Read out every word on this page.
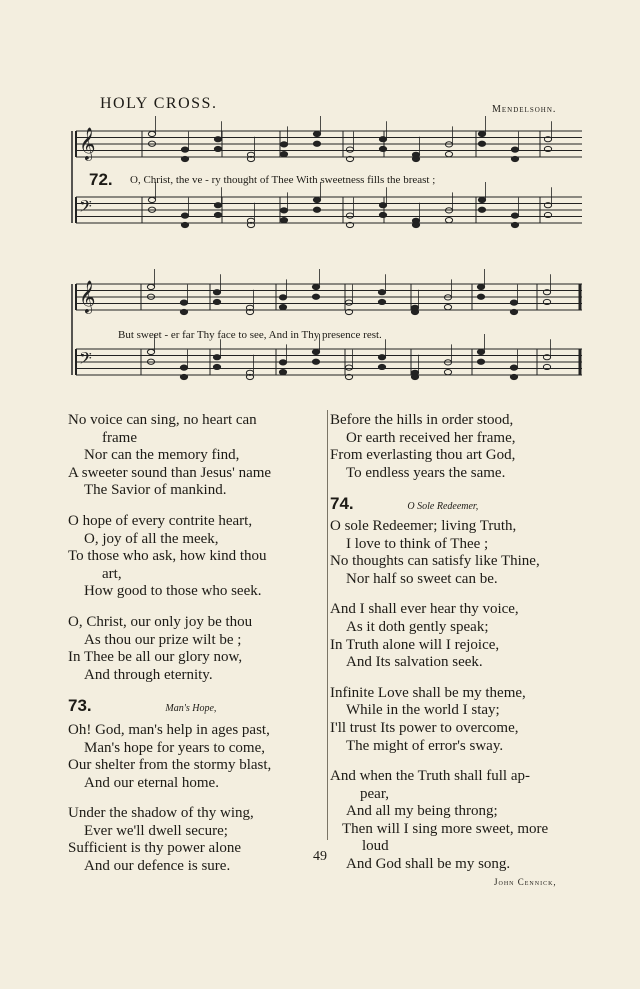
HOLY CROSS.	Mendelsohn.
𝄞
𝄢
𝄞
𝄢
72. O, Christ, the ve - ry thought of Thee With sweetness fills the breast ;
But sweet - er far Thy face to see, And in Thy presence rest.
No voice can sing, no heart can
frame
Nor can the memory find,
A sweeter sound than Jesus' name
The Savior of mankind.
O hope of every contrite heart,
O, joy of all the meek,
To those who ask, how kind thou
art,
How good to those who seek.
O, Christ, our only joy be thou
As thou our prize wilt be ;
In Thee be all our glory now,
And through eternity.
73.	Man's Hope,
Oh! God, man's help in ages past,
Man's hope for years to come,
Our shelter from the stormy blast,
And our eternal home.
Under the shadow of thy wing,
Ever we'll dwell secure;
Sufficient is thy power alone
And our defence is sure.
Before the hills in order stood,
Or earth received her frame,
From everlasting thou art God,
To endless years the same.
74.	O Sole Redeemer,
O sole Redeemer; living Truth,
I love to think of Thee ;
No thoughts can satisfy like Thine,
Nor half so sweet can be.
And I shall ever hear thy voice,
As it doth gently speak;
In Truth alone will I rejoice,
And Its salvation seek.
Infinite Love shall be my theme,
While in the world I stay;
I'll trust Its power to overcome,
The might of error's sway.
And when the Truth shall full ap-
pear,
And all my being throng;
Then will I sing more sweet, more
loud
And God shall be my song.
John Cennick,
49
